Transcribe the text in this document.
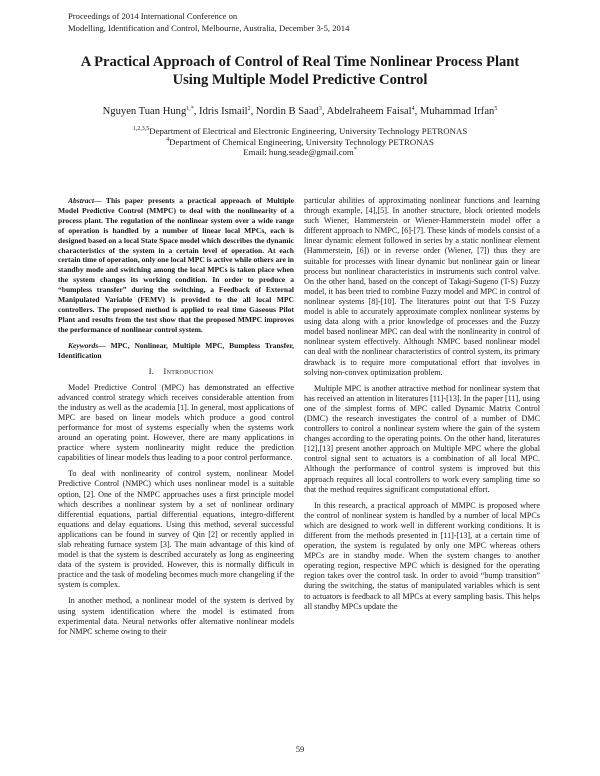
Proceedings of 2014 International Conference on
Modelling, Identification and Control, Melbourne, Australia, December 3-5, 2014
A Practical Approach of Control of Real Time Nonlinear Process Plant
Using Multiple Model Predictive Control
Nguyen Tuan Hung$^{1,*}$, Idris Ismail$^2$, Nordin B Saad$^3$, Abdelraheem Faisal$^4$, Muhammad Irfan$^5$
$^{1,2,3,5}$Department of Electrical and Electronic Engineering, University Technology PETRONAS
$^4$Department of Chemical Engineering, University Technology PETRONAS
Email: hung.seade@gmail.com*

Abstract— This paper presents a practical approach of Multiple Model Predictive Control (MMPC) to deal with the nonlinearity of a process plant. The regulation of the nonlinear system over a wide range of operation is handled by a number of linear local MPCs, each is designed based on a local State Space model which describes the dynamic characteristics of the system in a certain level of operation. At each certain time of operation, only one local MPC is active while others are in standby mode and switching among the local MPCs is taken place when the system changes its working condition. In order to produce a “bumpless transfer” during the switching, a Feedback of External Manipulated Variable (FEMV) is provided to the all local MPC controllers. The proposed method is applied to real time Gaseous Pilot Plant and results from the test show that the proposed MMPC improves the performance of nonlinear control system.

Keywords— MPC, Nonlinear, Multiple MPC, Bumpless Transfer, Identification

I. Introduction

Model Predictive Control (MPC) has demonstrated an effective advanced control strategy which receives considerable attention from the industry as well as the academia [1]. In general, most applications of MPC are based on linear models which produce a good control performance for most of systems especially when the systems work around an operating point. However, there are many applications in practice where system nonlinearity might reduce the prediction capabilities of linear models thus leading to a poor control performance.

To deal with nonlinearity of control system, nonlinear Model Predictive Control (NMPC) which uses nonlinear model is a suitable option, [2]. One of the NMPC approaches uses a first principle model which describes a nonlinear system by a set of nonlinear ordinary differential equations, partial differential equations, integro-different equations and delay equations. Using this method, several successful applications can be found in survey of Qin [2] or recently applied in slab reheating furnace system [3]. The main advantage of this kind of model is that the system is described accurately as long as engineering data of the system is provided. However, this is normally difficult in practice and the task of modeling becomes much more changeling if the system is complex.

In another method, a nonlinear model of the system is derived by using system identification where the model is estimated from experimental data. Neural networks offer alternative nonlinear models for NMPC scheme owing to their

particular abilities of approximating nonlinear functions and learning through example, [4],[5]. In another structure, block oriented models such Wiener, Hammerstein or Wiener-Hammerstein model offer a different approach to NMPC, [6]-[7]. These kinds of models consist of a linear dynamic element followed in series by a static nonlinear element (Hammerstein, [6]) or in reverse order (Wiener, [7]) thus they are suitable for processes with linear dynamic but nonlinear gain or linear process but nonlinear characteristics in instruments such control valve. On the other hand, based on the concept of Takagi-Sugeno (T-S) Fuzzy model, it has been tried to combine Fuzzy model and MPC in control of nonlinear systems [8]-[10]. The literatures point out that T-S Fuzzy model is able to accurately approximate complex nonlinear systems by using data along with a prior knowledge of processes and the Fuzzy model based nonlinear MPC can deal with the nonlinearity in control of nonlinear system effectively. Although NMPC based nonlinear model can deal with the nonlinear characteristics of control system, its primary drawback is to require more computational effort that involves in solving non-convex optimization problem.

Multiple MPC is another attractive method for nonlinear system that has received an attention in literatures [11]-[13]. In the paper [11], using one of the simplest forms of MPC called Dynamic Matrix Control (DMC) the research investigates the control of a number of DMC controllers to control a nonlinear system where the gain of the system changes according to the operating points. On the other hand, literatures [12],[13] present another approach on Multiple MPC where the global control signal sent to actuators is a combination of all local MPC. Although the performance of control system is improved but this approach requires all local controllers to work every sampling time so that the method requires significant computational effort.

In this research, a practical approach of MMPC is proposed where the control of nonlinear system is handled by a number of local MPCs which are designed to work well in different working conditions. It is different from the methods presented in [11]-[13], at a certain time of operation, the system is regulated by only one MPC whereas others MPCs are in standby mode. When the system changes to another operating region, respective MPC which is designed for the operating region takes over the control task. In order to avoid “bump transition” during the switching, the status of manipulated variables which is sent to actuators is feedback to all MPCs at every sampling basis. This helps all standby MPCs update the

59
